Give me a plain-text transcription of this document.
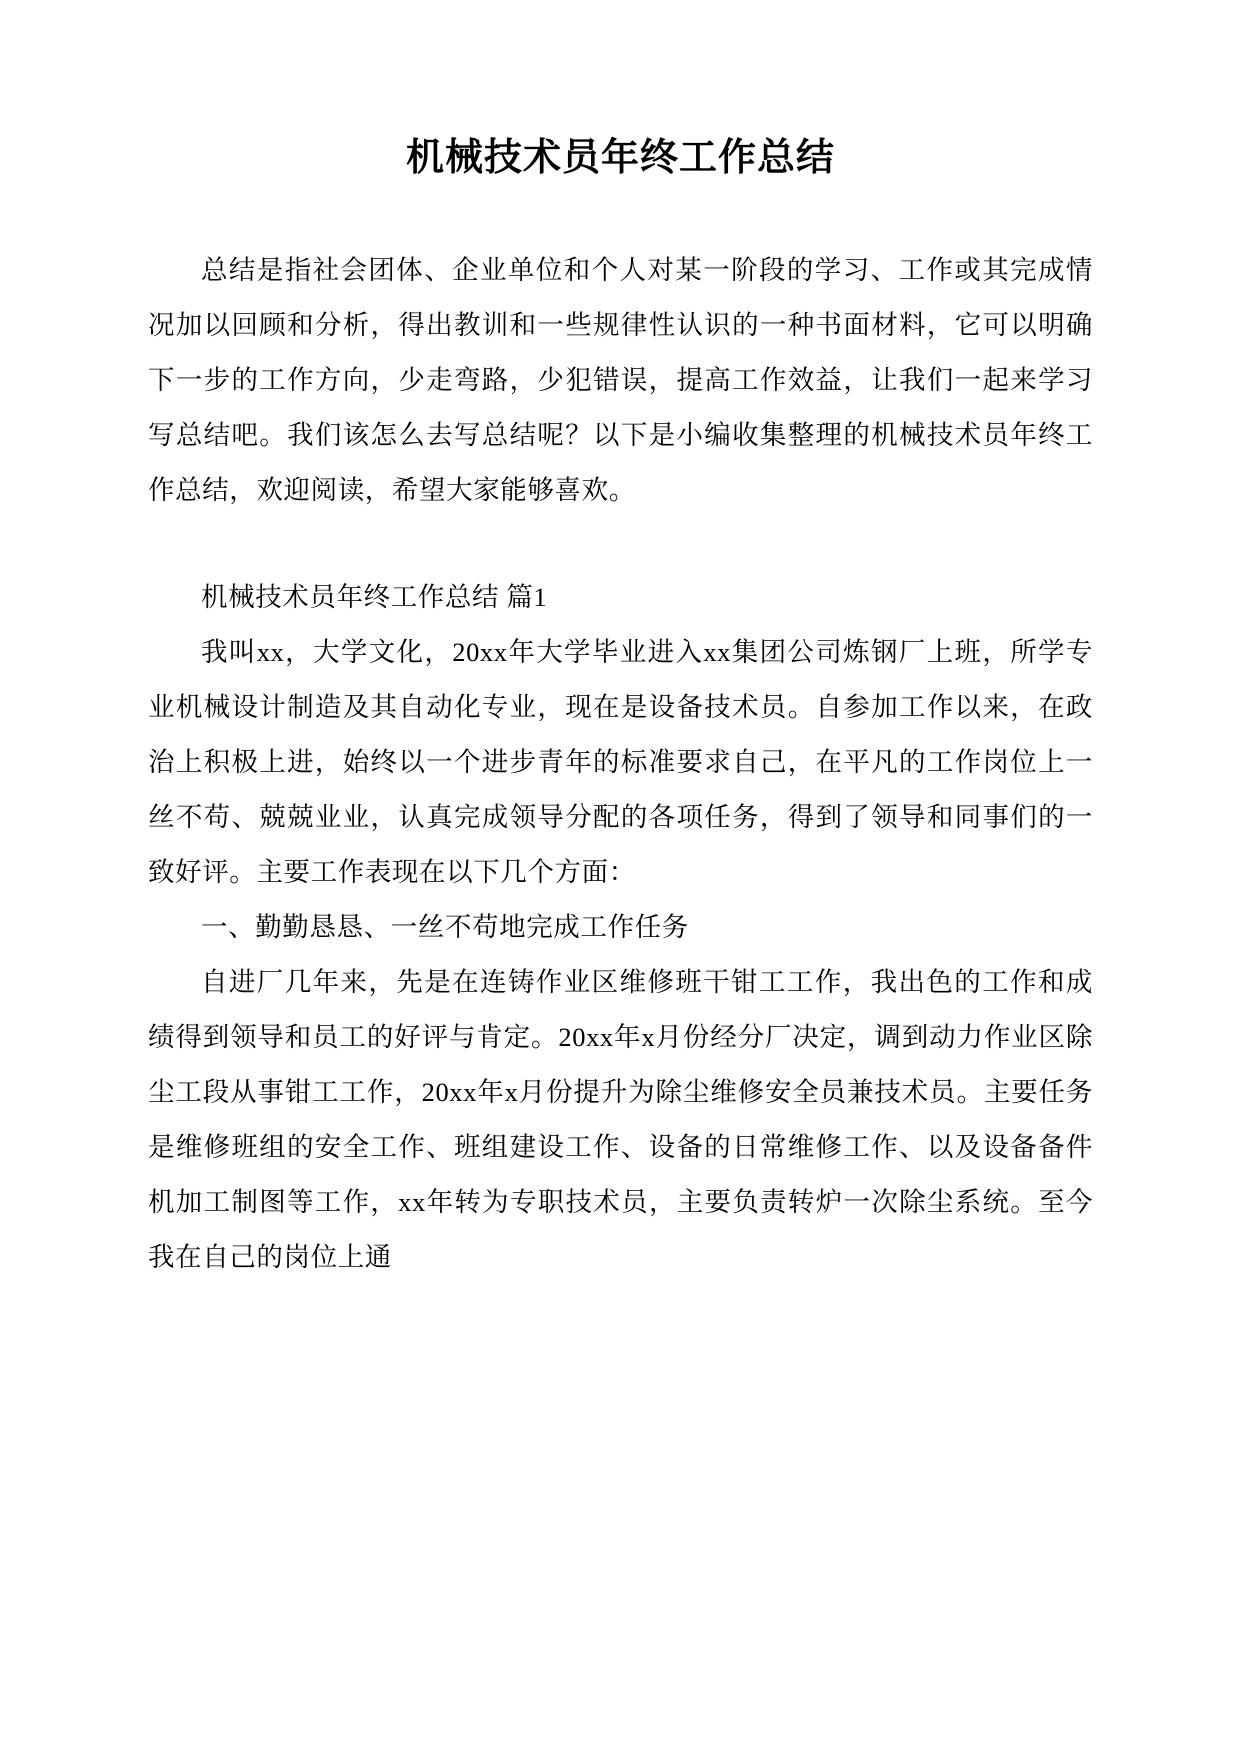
机械技术员年终工作总结

总结是指社会团体、企业单位和个人对某一阶段的学习、工作或其完成情况加以回顾和分析，得出教训和一些规律性认识的一种书面材料，它可以明确下一步的工作方向，少走弯路，少犯错误，提高工作效益，让我们一起来学习写总结吧。我们该怎么去写总结呢？以下是小编收集整理的机械技术员年终工作总结，欢迎阅读，希望大家能够喜欢。

机械技术员年终工作总结 篇1

我叫xx，大学文化，20xx年大学毕业进入xx集团公司炼钢厂上班，所学专业机械设计制造及其自动化专业，现在是设备技术员。自参加工作以来，在政治上积极上进，始终以一个进步青年的标准要求自己，在平凡的工作岗位上一丝不苟、兢兢业业，认真完成领导分配的各项任务，得到了领导和同事们的一致好评。主要工作表现在以下几个方面：

一、勤勤恳恳、一丝不苟地完成工作任务

自进厂几年来，先是在连铸作业区维修班干钳工工作，我出色的工作和成绩得到领导和员工的好评与肯定。20xx年x月份经分厂决定，调到动力作业区除尘工段从事钳工工作，20xx年x月份提升为除尘维修安全员兼技术员。主要任务是维修班组的安全工作、班组建设工作、设备的日常维修工作、以及设备备件机加工制图等工作，xx年转为专职技术员，主要负责转炉一次除尘系统。至今我在自己的岗位上通
